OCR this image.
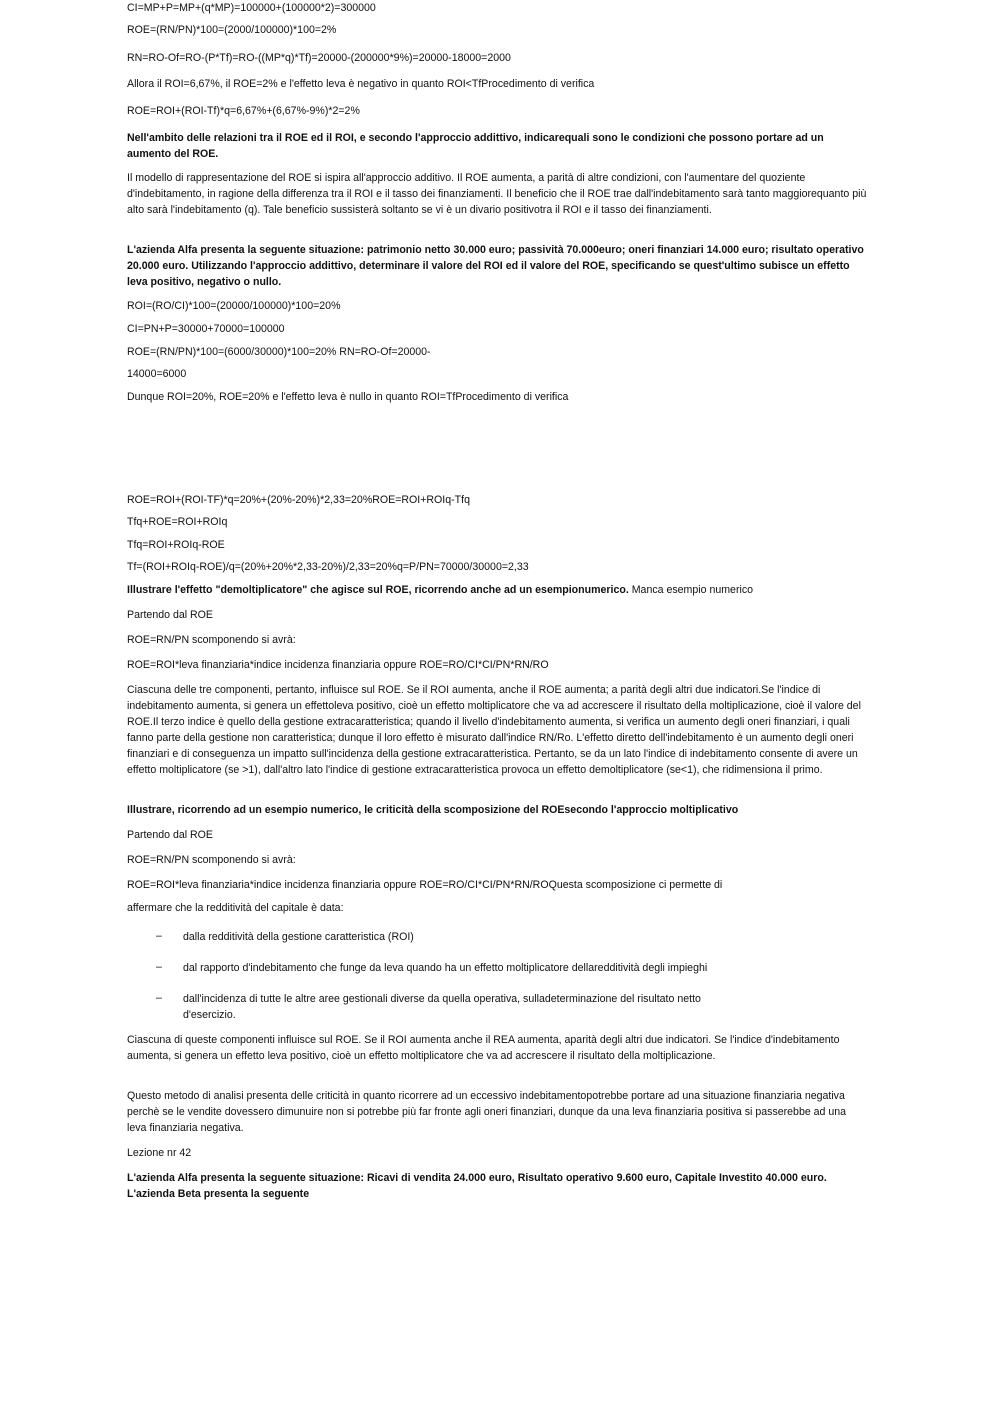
CI=MP+P=MP+(q*MP)=100000+(100000*2)=300000

ROE=(RN/PN)*100=(2000/100000)*100=2%

RN=RO-Of=RO-(P*Tf)=RO-((MP*q)*Tf)=20000-(200000*9%)=20000-18000=2000

Allora il ROI=6,67%, il ROE=2% e l'effetto leva è negativo in quanto ROI<TfProcedimento di verifica

ROE=ROI+(ROI-Tf)*q=6,67%+(6,67%-9%)*2=2%

Nell'ambito delle relazioni tra il ROE ed il ROI, e secondo l'approccio addittivo, indicarequali sono le condizioni che possono portare ad un aumento del ROE.

Il modello di rappresentazione del ROE si ispira all'approccio additivo. Il ROE aumenta, a parità di altre condizioni, con l'aumentare del quoziente d'indebitamento, in ragione della differenza tra il ROI e il tasso dei finanziamenti. Il beneficio che il ROE trae dall'indebitamento sarà tanto maggiorequanto più alto sarà l'indebitamento (q). Tale beneficio sussisterà soltanto se vi è un divario positivotra il ROI e il tasso dei finanziamenti.

L'azienda Alfa presenta la seguente situazione: patrimonio netto 30.000 euro; passività 70.000euro; oneri finanziari 14.000 euro; risultato operativo 20.000 euro. Utilizzando l'approccio addittivo, determinare il valore del ROI ed il valore del ROE, specificando se quest'ultimo subisce un effetto leva positivo, negativo o nullo.

ROI=(RO/CI)*100=(20000/100000)*100=20%

CI=PN+P=30000+70000=100000

ROE=(RN/PN)*100=(6000/30000)*100=20% RN=RO-Of=20000-

14000=6000

Dunque ROI=20%, ROE=20% e l'effetto leva è nullo in quanto ROI=TfProcedimento di verifica

ROE=ROI+(ROI-TF)*q=20%+(20%-20%)*2,33=20%ROE=ROI+ROIq-Tfq

Tfq+ROE=ROI+ROIq

Tfq=ROI+ROIq-ROE

Tf=(ROI+ROIq-ROE)/q=(20%+20%*2,33-20%)/2,33=20%q=P/PN=70000/30000=2,33

Illustrare l'effetto "demoltiplicatore" che agisce sul ROE, ricorrendo anche ad un esempionumerico. Manca esempio numerico

Partendo dal ROE

ROE=RN/PN scomponendo si avrà:

ROE=ROI*leva finanziaria*indice incidenza finanziaria oppure ROE=RO/CI*CI/PN*RN/RO

Ciascuna delle tre componenti, pertanto, influisce sul ROE. Se il ROI aumenta, anche il ROE aumenta; a parità degli altri due indicatori.Se l'indice di indebitamento aumenta, si genera un effettoleva positivo, cioè un effetto moltiplicatore che va ad accrescere il risultato della moltiplicazione, cioè il valore del ROE.Il terzo indice è quello della gestione extracaratteristica; quando il livello d'indebitamento aumenta, si verifica un aumento degli oneri finanziari, i quali fanno parte della gestione non caratteristica; dunque il loro effetto è misurato dall'indice RN/Ro. L'effetto diretto dell'indebitamento è un aumento degli oneri finanziari e di conseguenza un impatto sull'incidenza della gestione extracaratteristica. Pertanto, se da un lato l'indice di indebitamento consente di avere un effetto moltiplicatore (se >1), dall'altro lato l'indice di gestione extracaratteristica provoca un effetto demoltiplicatore (se<1), che ridimensiona il primo.

Illustrare, ricorrendo ad un esempio numerico, le criticità della scomposizione del ROEsecondo l'approccio moltiplicativo

Partendo dal ROE

ROE=RN/PN scomponendo si avrà:

ROE=ROI*leva finanziaria*indice incidenza finanziaria oppure ROE=RO/CI*CI/PN*RN/ROQuesta scomposizione ci permette di

affermare che la redditività del capitale è data:

–	dalla redditività della gestione caratteristica (ROI)

–	dal rapporto d'indebitamento che funge da leva quando ha un effetto moltiplicatore dellaredditività degli impieghi

–	dall'incidenza di tutte le altre aree gestionali diverse da quella operativa, sulladeterminazione del risultato netto d'esercizio.

Ciascuna di queste componenti influisce sul ROE. Se il ROI aumenta anche il REA aumenta, aparità degli altri due indicatori. Se l'indice d'indebitamento aumenta, si genera un effetto leva positivo, cioè un effetto moltiplicatore che va ad accrescere il risultato della moltiplicazione.

Questo metodo di analisi presenta delle criticità in quanto ricorrere ad un eccessivo indebitamentopotrebbe portare ad una situazione finanziaria negativa perchè se le vendite dovessero dimunuire non si potrebbe più far fronte agli oneri finanziari, dunque da una leva finanziaria positiva si passerebbe ad una leva finanziaria negativa.

Lezione nr 42

L'azienda Alfa presenta la seguente situazione: Ricavi di vendita 24.000 euro, Risultato operativo 9.600 euro, Capitale Investito 40.000 euro. L'azienda Beta presenta la seguente
